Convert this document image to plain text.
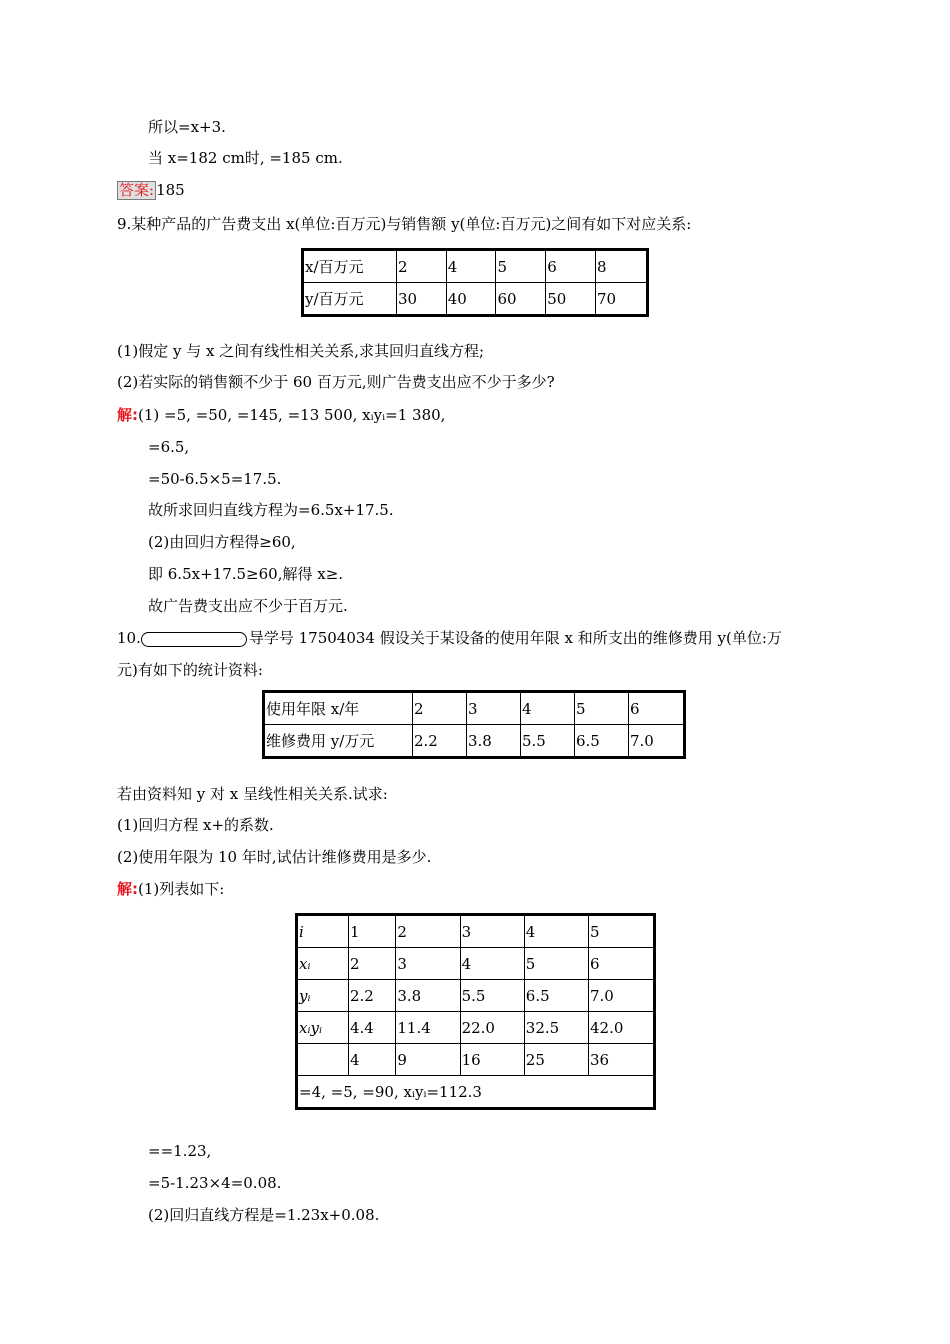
所以=x+3.
当 x=182 cm时, =185 cm.
答案: 185
9.某种产品的广告费支出 x(单位:百万元)与销售额 y(单位:百万元)之间有如下对应关系:
x/百万元	2	4	5	6	8
y/百万元	30	40	60	50	70
(1)假定 y 与 x 之间有线性相关关系,求其回归直线方程;
(2)若实际的销售额不少于 60 百万元,则广告费支出应不少于多少?
解:(1) =5, =50, =145, =13 500, xᵢyᵢ=1 380,
=6.5,
=50-6.5×5=17.5.
故所求回归直线方程为=6.5x+17.5.
(2)由回归方程得≥60,
即 6.5x+17.5≥60,解得 x≥.
故广告费支出应不少于百万元.
10.	导学号 17504034 假设关于某设备的使用年限 x 和所支出的维修费用 y(单位:万
元)有如下的统计资料:
使用年限 x/年	2	3	4	5	6
维修费用 y/万元	2.2	3.8	5.5	6.5	7.0
若由资料知 y 对 x 呈线性相关关系.试求:
(1)回归方程 x+的系数.
(2)使用年限为 10 年时,试估计维修费用是多少.
解:(1)列表如下:
i	1	2	3	4	5
xᵢ	2	3	4	5	6
yᵢ	2.2	3.8	5.5	6.5	7.0
xᵢyᵢ	4.4	11.4	22.0	32.5	42.0
	4	9	16	25	36
=4, =5, =90, xᵢyᵢ=112.3					
==1.23,
=5-1.23×4=0.08.
(2)回归直线方程是=1.23x+0.08.
